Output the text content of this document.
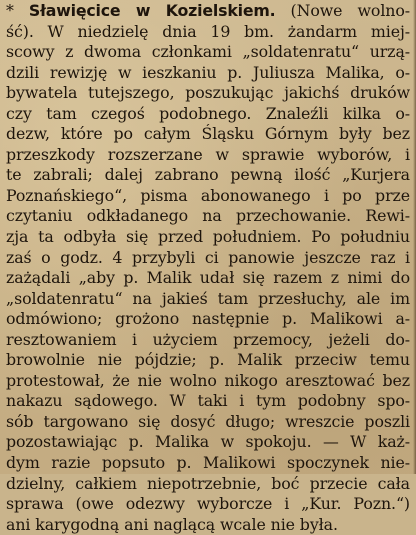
* Sławięcice w Kozielskiem. (Nowe wolno-
ść). W niedzielę dnia 19 bm. żandarm miej-
scowy z dwoma członkami „soldatenratu“ urzą-
dzili rewizję w ieszkaniu p. Juliusza Malika, o-
bywatela tutejszego, poszukując jakichś druków
czy tam czegoś podobnego. Znaleźli kilka o-
dezw, które po całym Śląsku Górnym były bez
przeszkody rozszerzane w sprawie wyborów, i
te zabrali; dalej zabrano pewną ilość „Kurjera
Poznańskiego“, pisma abonowanego i po prze
czytaniu odkładanego na przechowanie. Rewi-
zja ta odbyła się przed południem. Po południu
zaś o godz. 4 przybyli ci panowie jeszcze raz i
zażądali „aby p. Malik udał się razem z nimi do
„soldatenratu“ na jakieś tam przesłuchy, ale im
odmówiono; grożono następnie p. Malikowi a-
resztowaniem i użyciem przemocy, jeżeli do-
browolnie nie pójdzie; p. Malik przeciw temu
protestował, że nie wolno nikogo aresztować bez
nakazu sądowego. W taki i tym podobny spo-
sób targowano się dosyć długo; wreszcie poszli
pozostawiając p. Malika w spokoju. — W każ-
dym razie popsuto p. Malikowi spoczynek nie-
dzielny, całkiem niepotrzebnie, boć przecie cała
sprawa (owe odezwy wyborcze i „Kur. Pozn.“)
ani karygodną ani naglącą wcale nie była.
